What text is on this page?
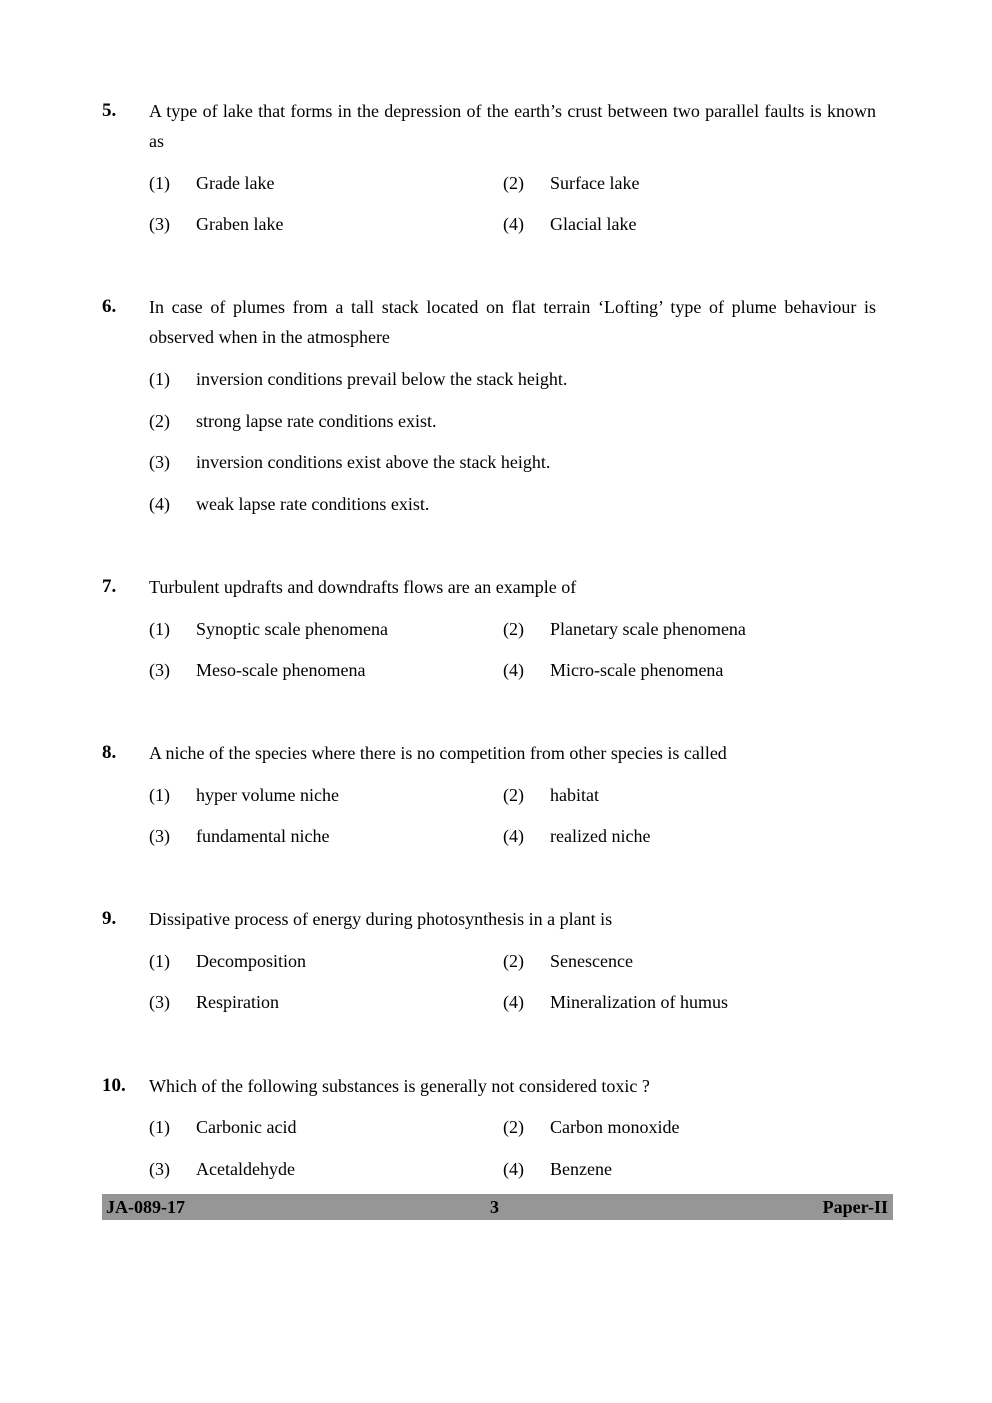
5. A type of lake that forms in the depression of the earth’s crust between two parallel faults is known as
(1) Grade lake	(2) Surface lake
(3) Graben lake	(4) Glacial lake
6. In case of plumes from a tall stack located on flat terrain ‘Lofting’ type of plume behaviour is observed when in the atmosphere
(1) inversion conditions prevail below the stack height.
(2) strong lapse rate conditions exist.
(3) inversion conditions exist above the stack height.
(4) weak lapse rate conditions exist.
7. Turbulent updrafts and downdrafts flows are an example of
(1) Synoptic scale phenomena	(2) Planetary scale phenomena
(3) Meso-scale phenomena	(4) Micro-scale phenomena
8. A niche of the species where there is no competition from other species is called
(1) hyper volume niche	(2) habitat
(3) fundamental niche	(4) realized niche
9. Dissipative process of energy during photosynthesis in a plant is
(1) Decomposition	(2) Senescence
(3) Respiration	(4) Mineralization of humus
10. Which of the following substances is generally not considered toxic ?
(1) Carbonic acid	(2) Carbon monoxide
(3) Acetaldehyde	(4) Benzene
JA-089-17	3	Paper-II
